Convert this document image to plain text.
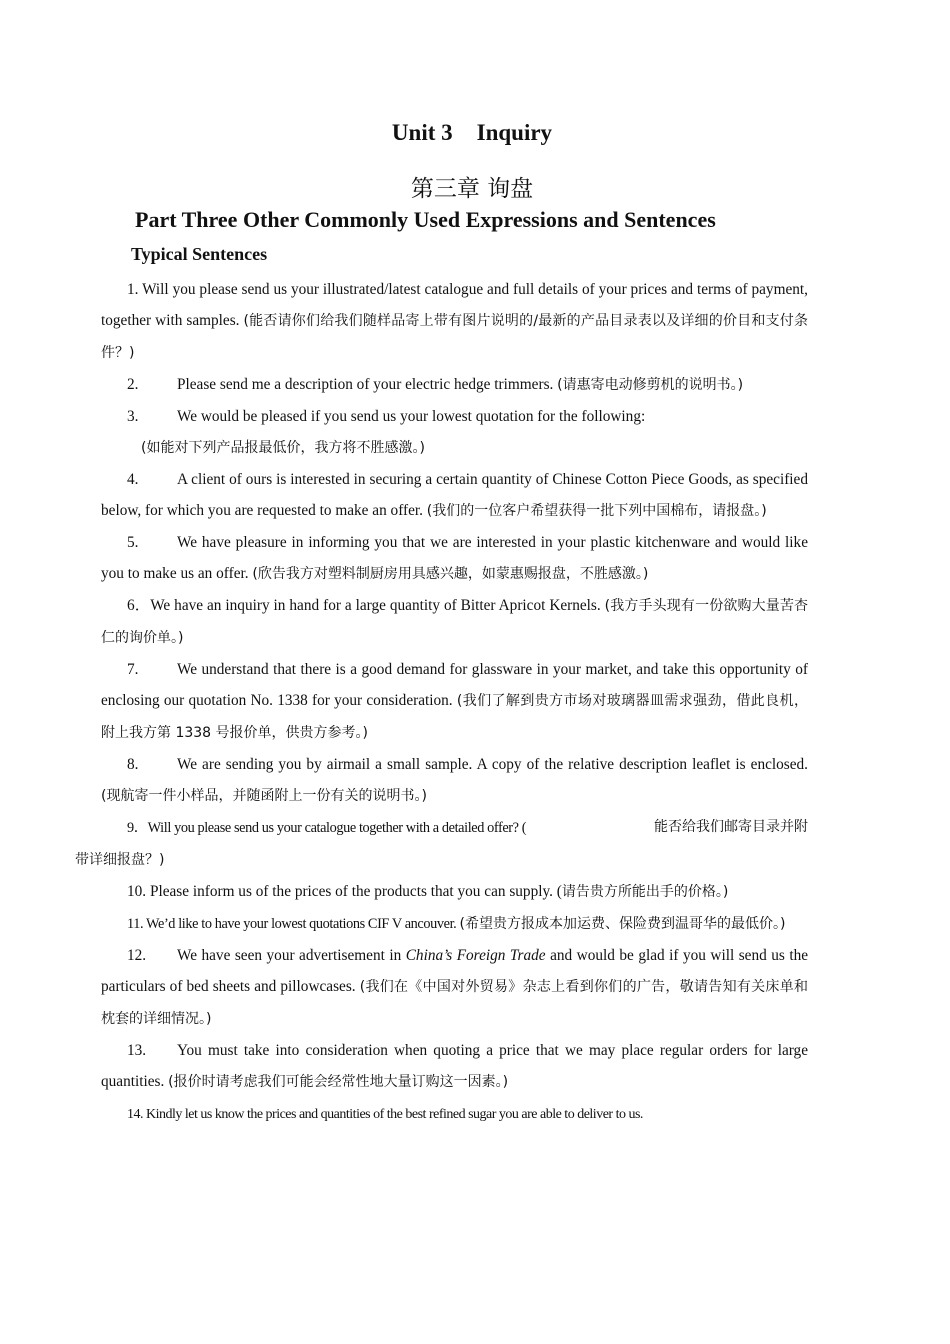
Unit 3 Inquiry
第三章 询盘
Part Three Other Commonly Used Expressions and Sentences
Typical Sentences

1. Will you please send us your illustrated/latest catalogue and full details of your prices and terms of payment, together with samples. (能否请你们给我们随样品寄上带有图片说明的/最新的产品目录表以及详细的价目和支付条件？)

2.	Please send me a description of your electric hedge trimmers. (请惠寄电动修剪机的说明书。)

3.	We would be pleased if you send us your lowest quotation for the following:

(如能对下列产品报最低价，我方将不胜感激。)

4.	A client of ours is interested in securing a certain quantity of Chinese Cotton Piece Goods, as specified below, for which you are requested to make an offer. (我们的一位客户希望获得一批下列中国棉布，请报盘。)

5.	We have pleasure in informing you that we are interested in your plastic kitchenware and would like you to make us an offer. (欣告我方对塑料制厨房用具感兴趣，如蒙惠赐报盘，不胜感激。)

6．We have an inquiry in hand for a large quantity of Bitter Apricot Kernels. (我方手头现有一份欲购大量苦杏仁的询价单。)

7.	We understand that there is a good demand for glassware in your market, and take this opportunity of enclosing our quotation No. 1338 for your consideration. (我们了解到贵方市场对玻璃器皿需求强劲，借此良机，附上我方第 1338 号报价单，供贵方参考。)

8.	We are sending you by airmail a small sample. A copy of the relative description leaflet is enclosed. (现航寄一件小样品，并随函附上一份有关的说明书。)

能否给我们邮寄目录并附
9．Will you please send us your catalogue together with a detailed offer? (
带详细报盘？)

10. Please inform us of the prices of the products that you can supply. (请告贵方所能出手的价格。)

11. We’d like to have your lowest quotations CIF V ancouver. (希望贵方报成本加运费、保险费到温哥华的最低价。)

12. We have seen your advertisement in China’s Foreign Trade and would be glad if you will send us the particulars of bed sheets and pillowcases. (我们在《中国对外贸易》杂志上看到你们的广告，敬请告知有关床单和枕套的详细情况。)

13. You must take into consideration when quoting a price that we may place regular orders for large quantities. (报价时请考虑我们可能会经常性地大量订购这一因素。)

14. Kindly let us know the prices and quantities of the best refined sugar you are able to deliver to us.
